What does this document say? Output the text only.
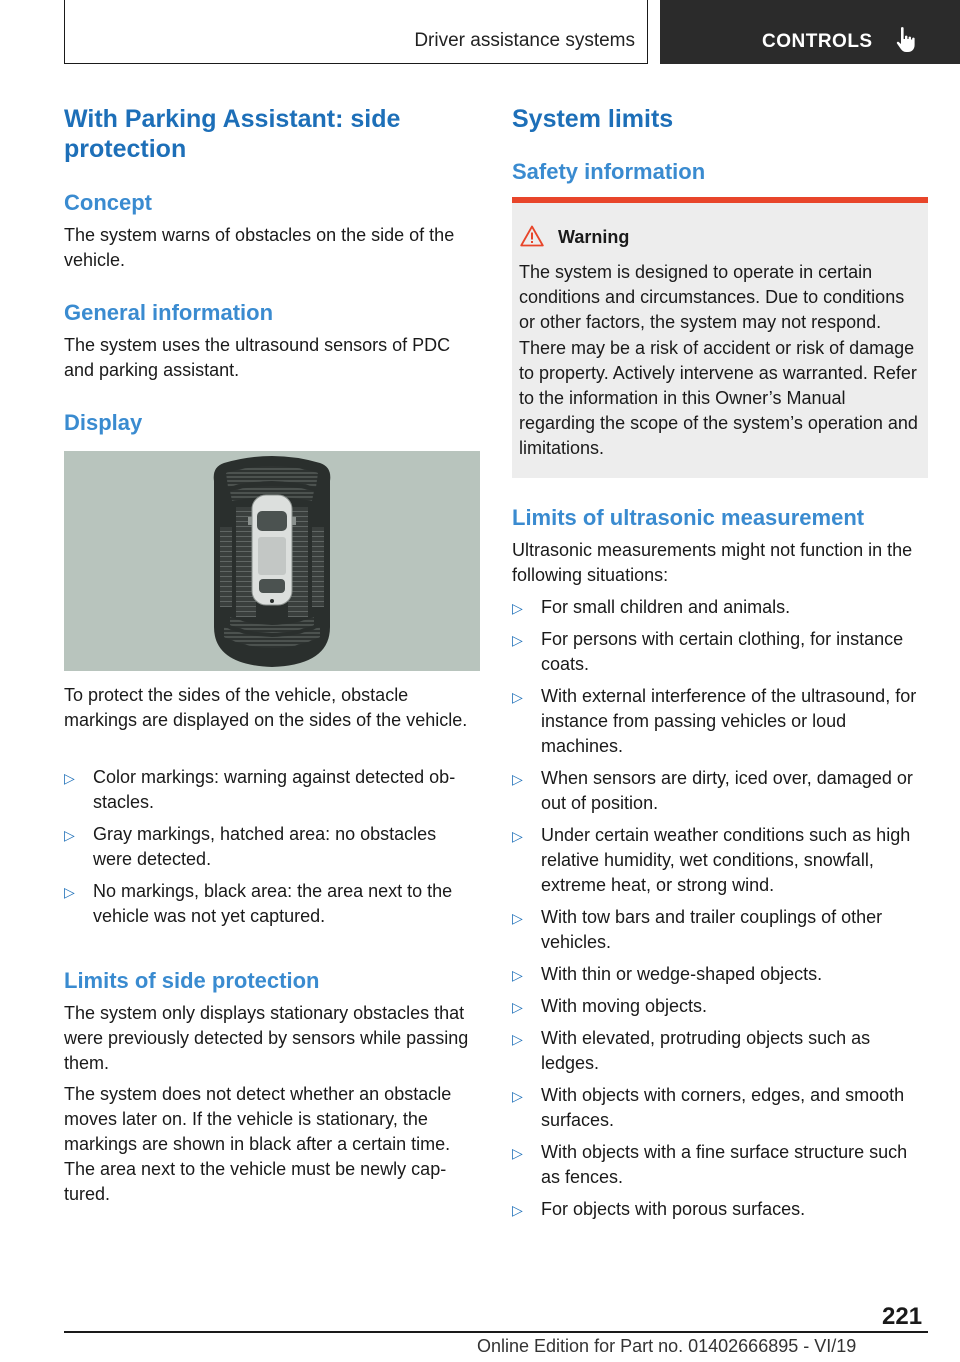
Driver assistance systems	CONTROLS
With Parking Assistant: side protection
Concept

The system warns of obstacles on the side of the vehicle.

General information

The system uses the ultrasound sensors of PDC and parking assistant.

Display

To protect the sides of the vehicle, obstacle markings are displayed on the sides of the vehicle.

▷ Color markings: warning against detected obstacles.
▷ Gray markings, hatched area: no obstacles were detected.
▷ No markings, black area: the area next to the vehicle was not yet captured.
Limits of side protection

The system only displays stationary obstacles that were previously detected by sensors while passing them.

The system does not detect whether an obstacle moves later on. If the vehicle is stationary, the markings are shown in black after a certain time. The area next to the vehicle must be newly captured.

System limits
Safety information
Warning
The system is designed to operate in certain conditions and circumstances. Due to conditions or other factors, the system may not respond. There may be a risk of accident or risk of damage to property. Actively intervene as warranted. Refer to the information in this Owner’s Manual regarding the scope of the system’s operation and limitations.
Limits of ultrasonic measurement

Ultrasonic measurements might not function in the following situations:

▷ For small children and animals.
▷ For persons with certain clothing, for instance coats.
▷ With external interference of the ultrasound, for instance from passing vehicles or loud machines.
▷ When sensors are dirty, iced over, damaged or out of position.
▷ Under certain weather conditions such as high relative humidity, wet conditions, snowfall, extreme heat, or strong wind.
▷ With tow bars and trailer couplings of other vehicles.
▷ With thin or wedge-shaped objects.
▷ With moving objects.
▷ With elevated, protruding objects such as ledges.
▷ With objects with corners, edges, and smooth surfaces.
▷ With objects with a fine surface structure such as fences.
▷ For objects with porous surfaces.
221
Online Edition for Part no. 01402666895 - VI/19
